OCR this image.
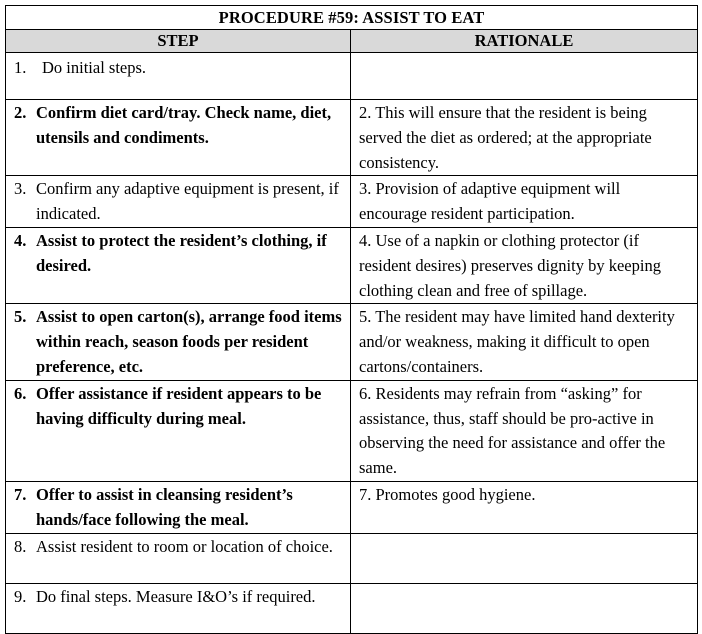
PROCEDURE #59: ASSIST TO EAT	
STEP	RATIONALE

1. Do initial steps.	

2. Confirm diet card/tray. Check name, diet, utensils and condiments.	2. This will ensure that the resident is being served the diet as ordered; at the appropriate consistency.

3. Confirm any adaptive equipment is present, if indicated.	3. Provision of adaptive equipment will encourage resident participation.

4. Assist to protect the resident’s clothing, if desired.	4. Use of a napkin or clothing protector (if resident desires) preserves dignity by keeping clothing clean and free of spillage.

5. Assist to open carton(s), arrange food items within reach, season foods per resident preference, etc.	5. The resident may have limited hand dexterity and/or weakness, making it difficult to open cartons/containers.

6. Offer assistance if resident appears to be having difficulty during meal.	6. Residents may refrain from “asking” for assistance, thus, staff should be pro-active in observing the need for assistance and offer the same.

7. Offer to assist in cleansing resident’s hands/face following the meal.	7. Promotes good hygiene.

8. Assist resident to room or location of choice.	

9. Do final steps. Measure I&O’s if required.	
